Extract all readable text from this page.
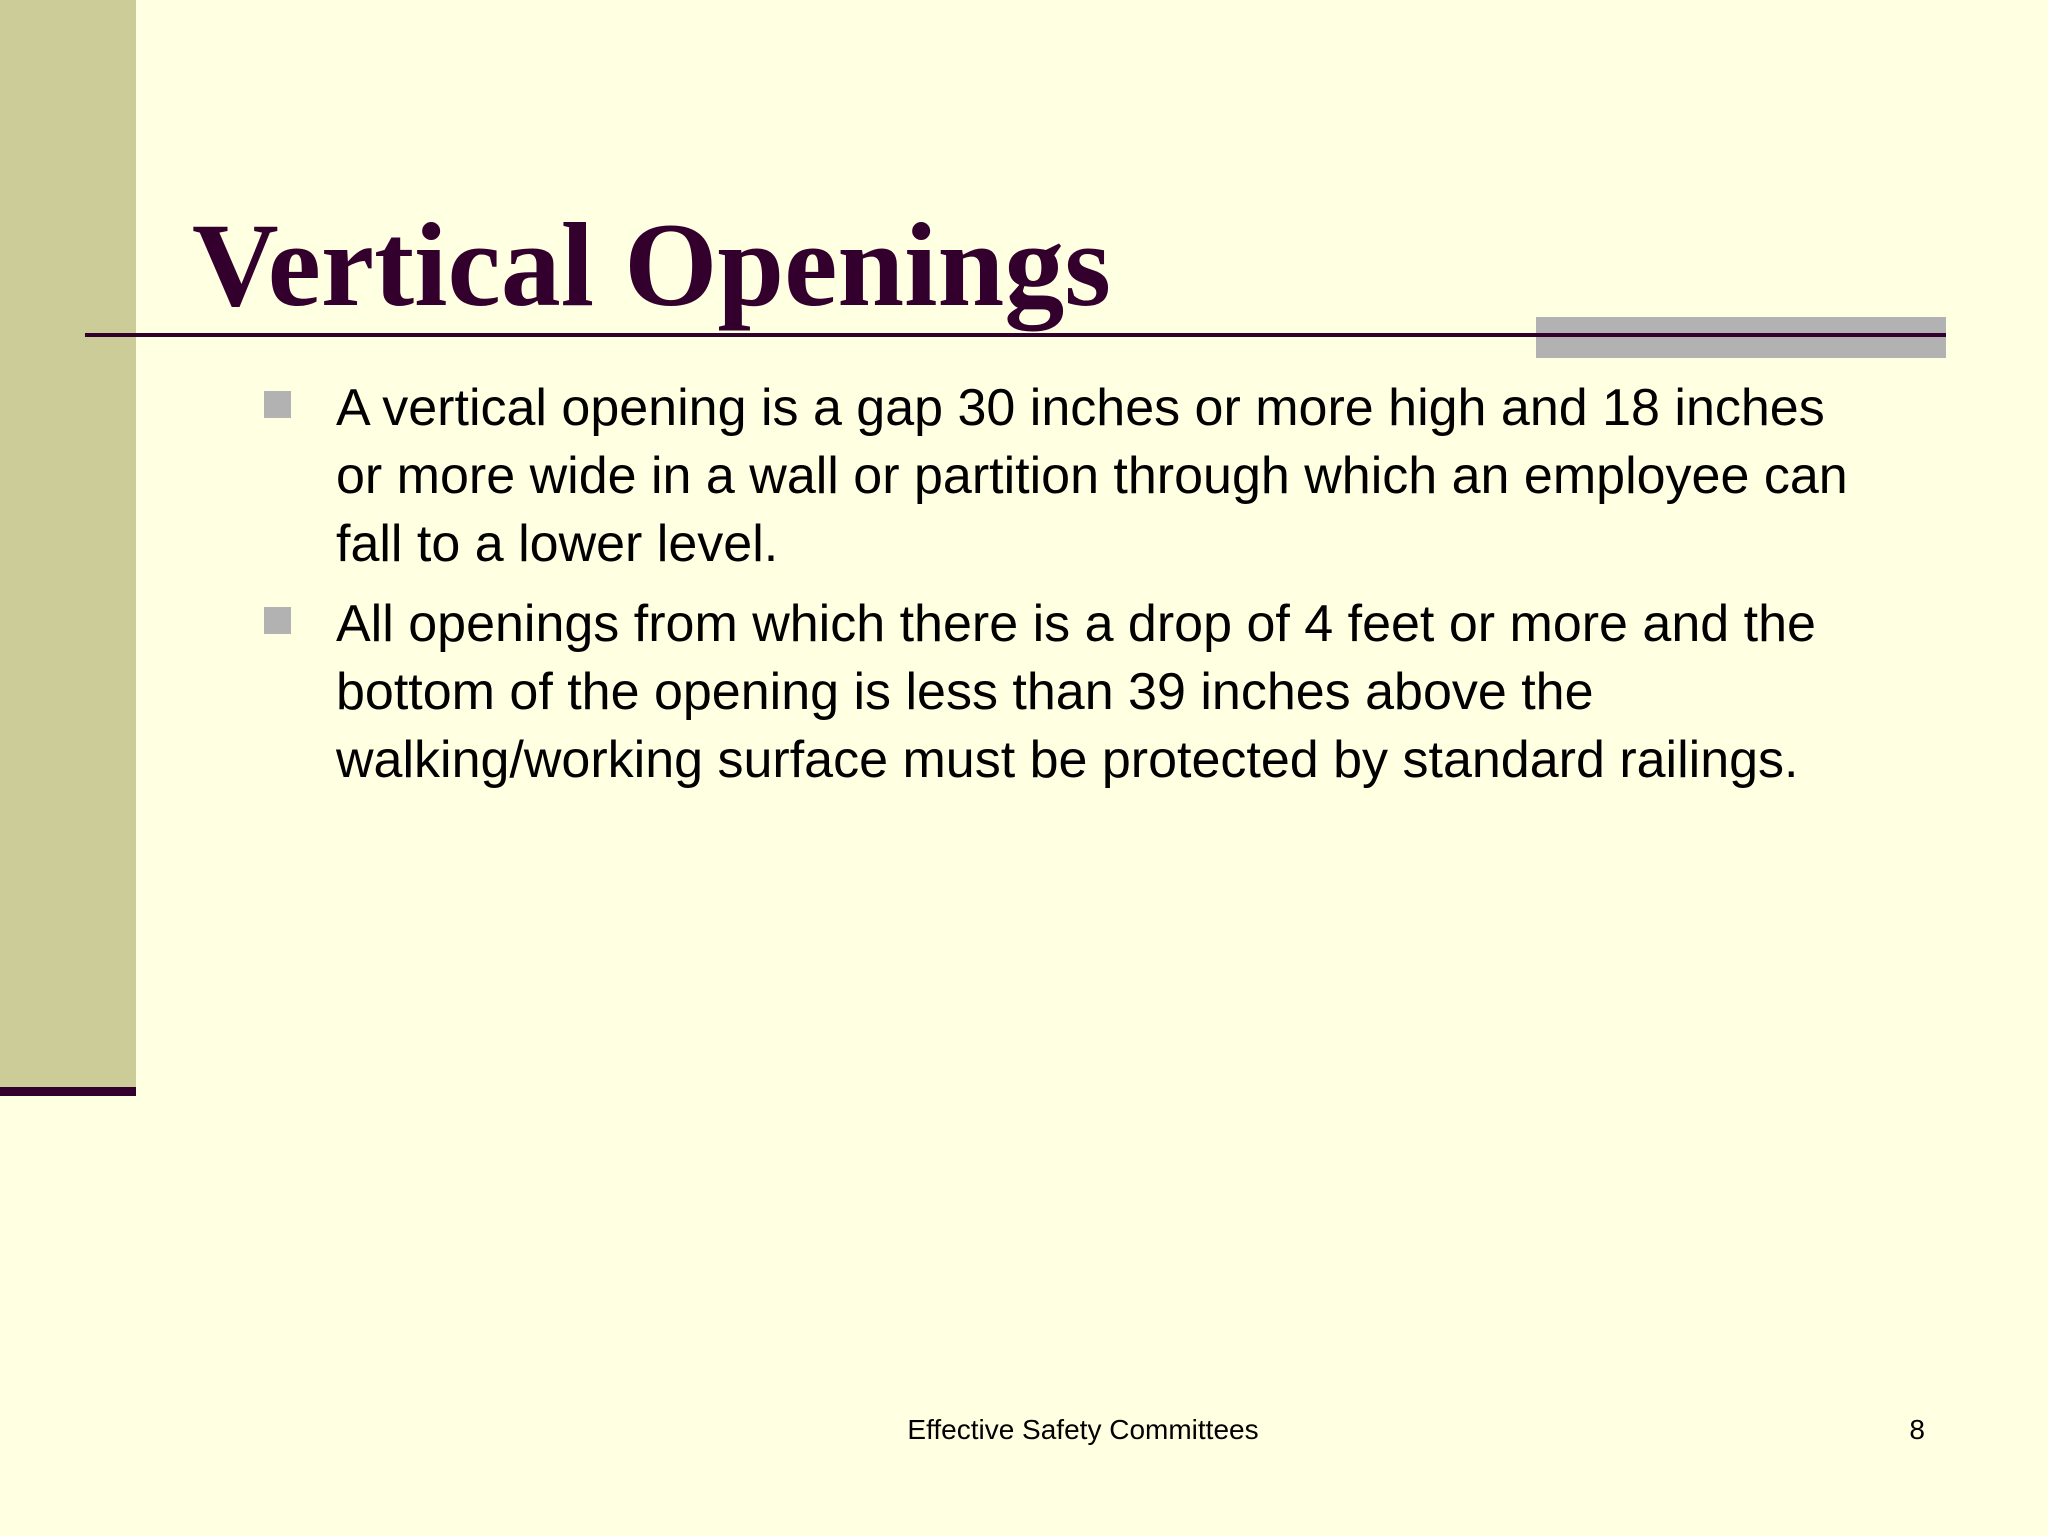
Vertical Openings
A vertical opening is a gap 30 inches or more high and 18 inches or more wide in a wall or partition through which an employee can fall to a lower level.
All openings from which there is a drop of 4 feet or more and the bottom of the opening is less than 39 inches above the walking/working surface must be protected by standard railings.
Effective Safety Committees	8
